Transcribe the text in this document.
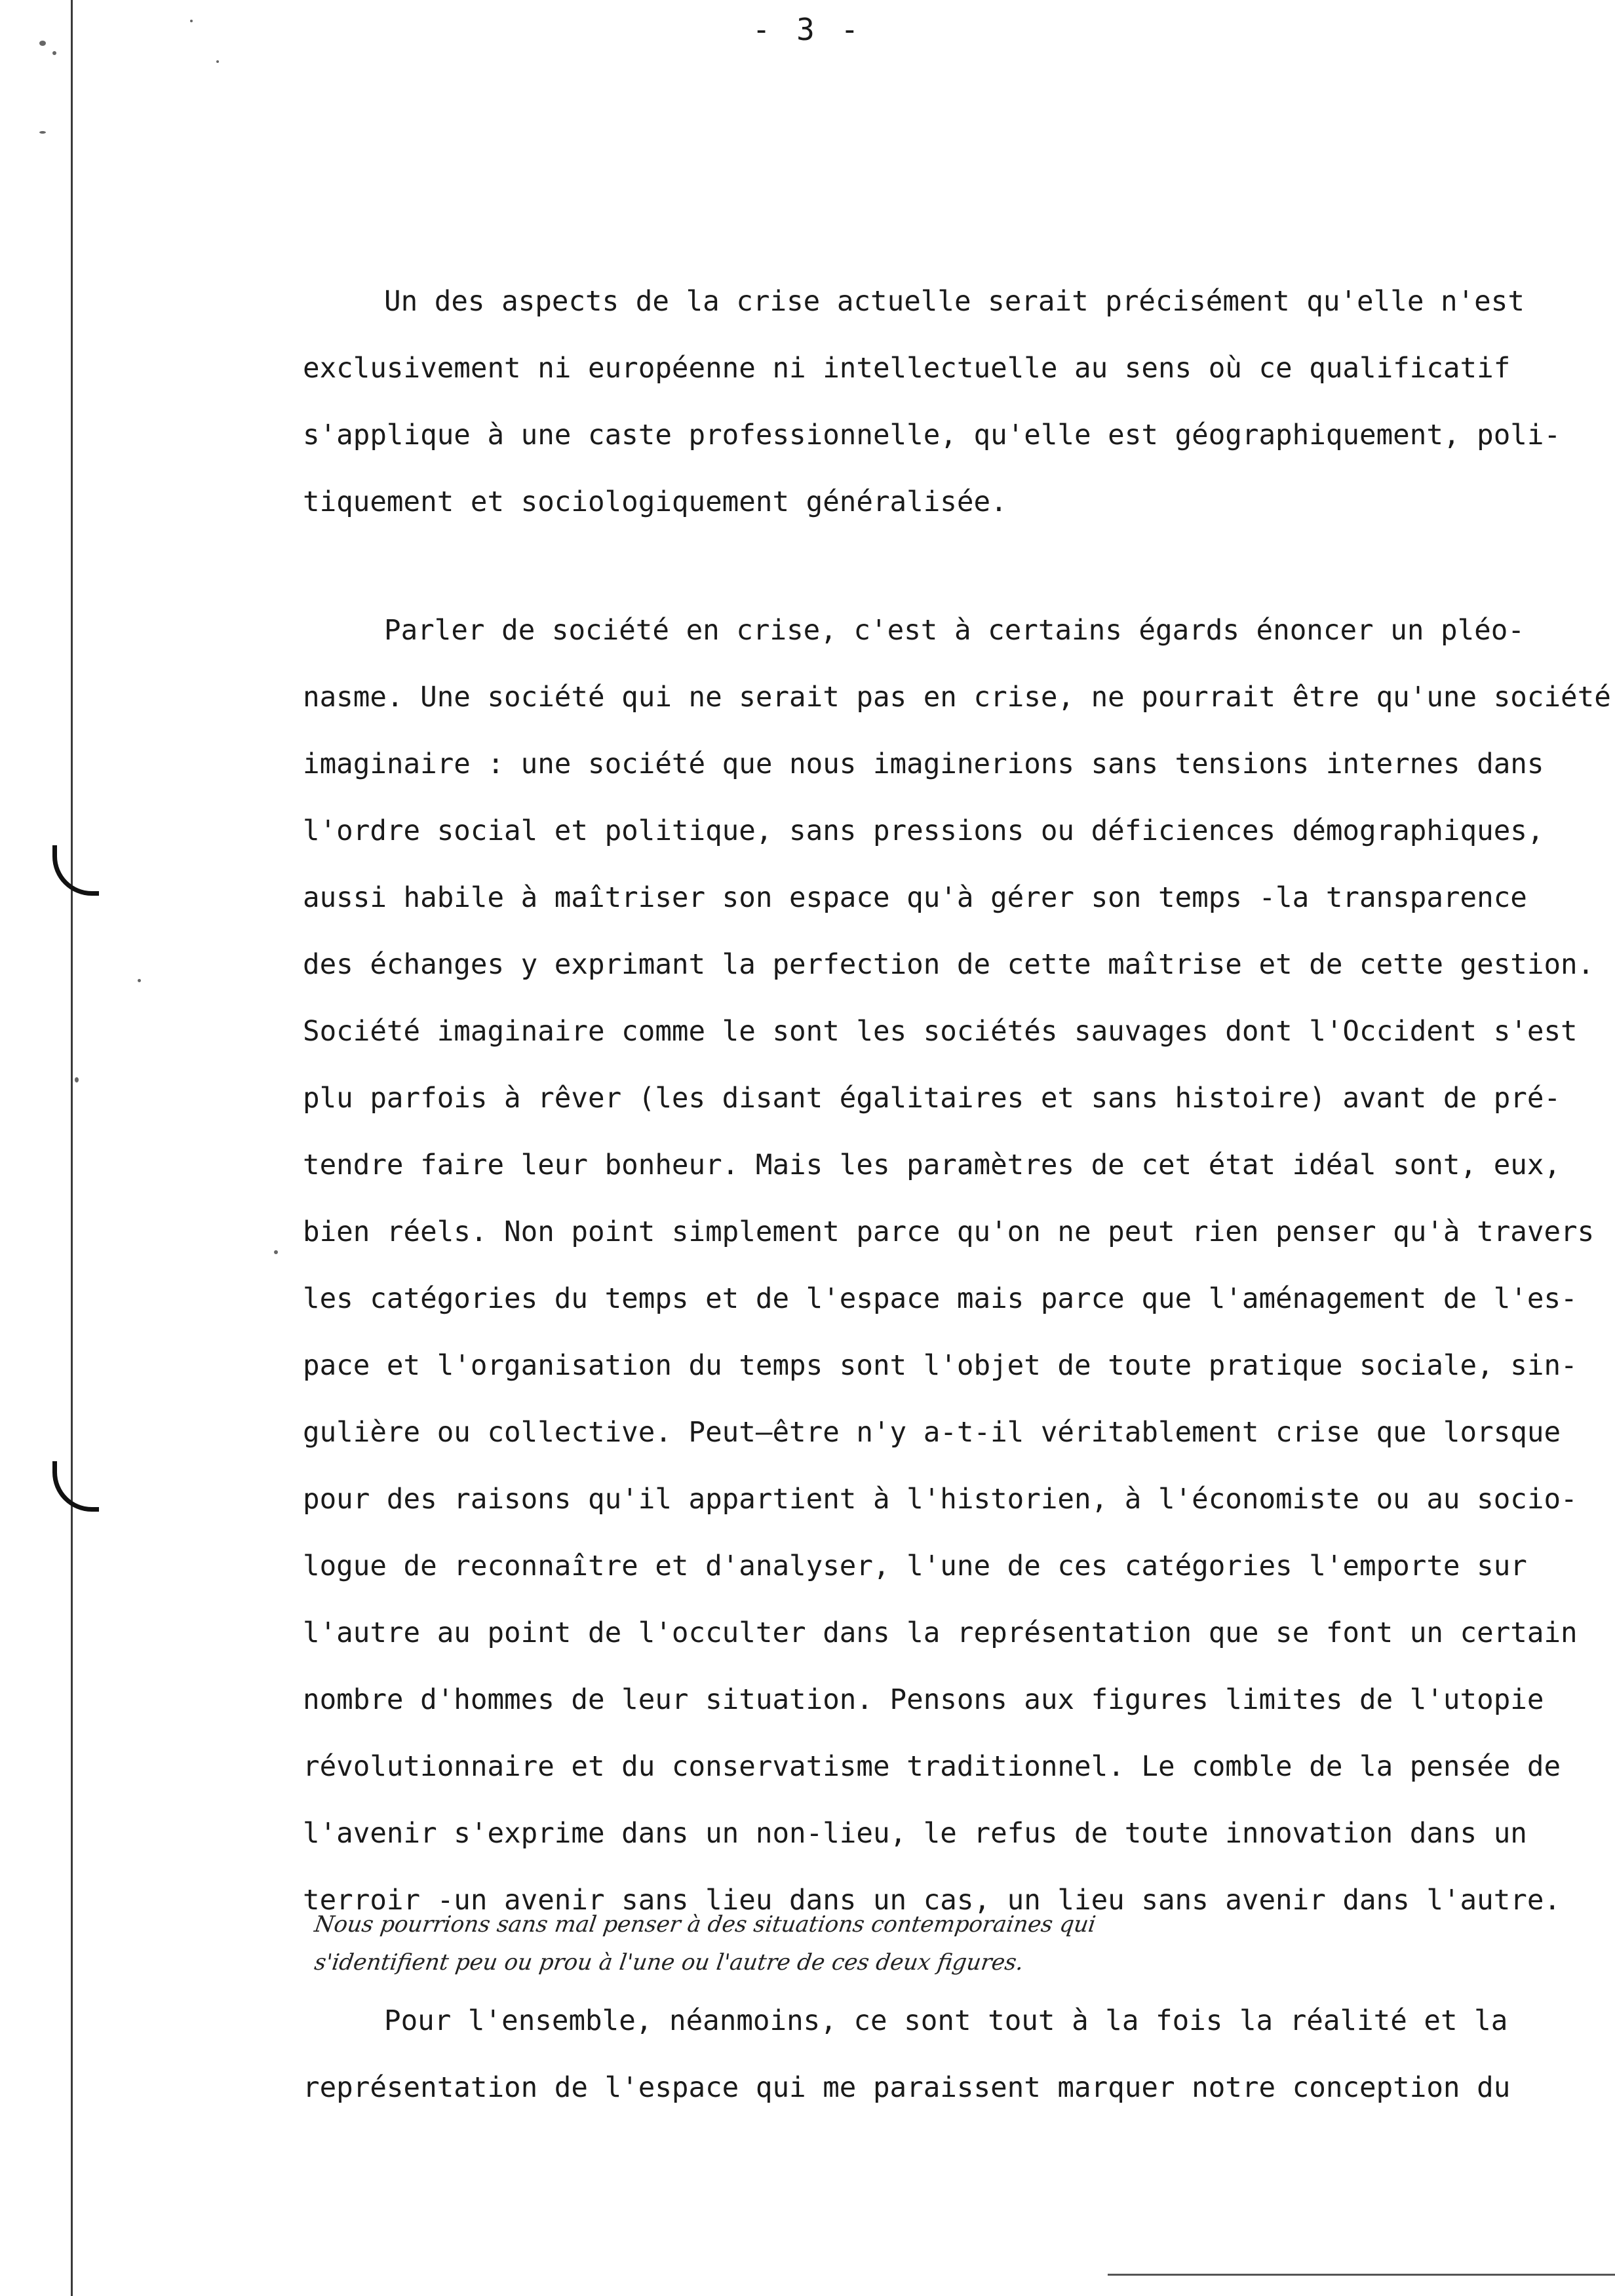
- 3 -
Un des aspects de la crise actuelle serait précisément qu'elle n'est
exclusivement ni européenne ni intellectuelle au sens où ce qualificatif
s'applique à une caste professionnelle, qu'elle est géographiquement, poli-
tiquement et sociologiquement généralisée.
Parler de société en crise, c'est à certains égards énoncer un pléo-
nasme. Une société qui ne serait pas en crise, ne pourrait être qu'une société
imaginaire : une société que nous imaginerions sans tensions internes dans
l'ordre social et politique, sans pressions ou déficiences démographiques,
aussi habile à maîtriser son espace qu'à gérer son temps -la transparence
des échanges y exprimant la perfection de cette maîtrise et de cette gestion.
Société imaginaire comme le sont les sociétés sauvages dont l'Occident s'est
plu parfois à rêver (les disant égalitaires et sans histoire) avant de pré-
tendre faire leur bonheur. Mais les paramètres de cet état idéal sont, eux,
bien réels. Non point simplement parce qu'on ne peut rien penser qu'à travers
les catégories du temps et de l'espace mais parce que l'aménagement de l'es-
pace et l'organisation du temps sont l'objet de toute pratique sociale, sin-
gulière ou collective. Peut—être n'y a-t-il véritablement crise que lorsque
pour des raisons qu'il appartient à l'historien, à l'économiste ou au socio-
logue de reconnaître et d'analyser, l'une de ces catégories l'emporte sur
l'autre au point de l'occulter dans la représentation que se font un certain
nombre d'hommes de leur situation. Pensons aux figures limites de l'utopie
révolutionnaire et du conservatisme traditionnel. Le comble de la pensée de
l'avenir s'exprime dans un non-lieu, le refus de toute innovation dans un
terroir -un avenir sans lieu dans un cas, un lieu sans avenir dans l'autre.
Nous pourrions sans mal penser à des situations contemporaines qui
s'identifient peu ou prou à l'une ou l'autre de ces deux figures.
Pour l'ensemble, néanmoins, ce sont tout à la fois la réalité et la
représentation de l'espace qui me paraissent marquer notre conception du
